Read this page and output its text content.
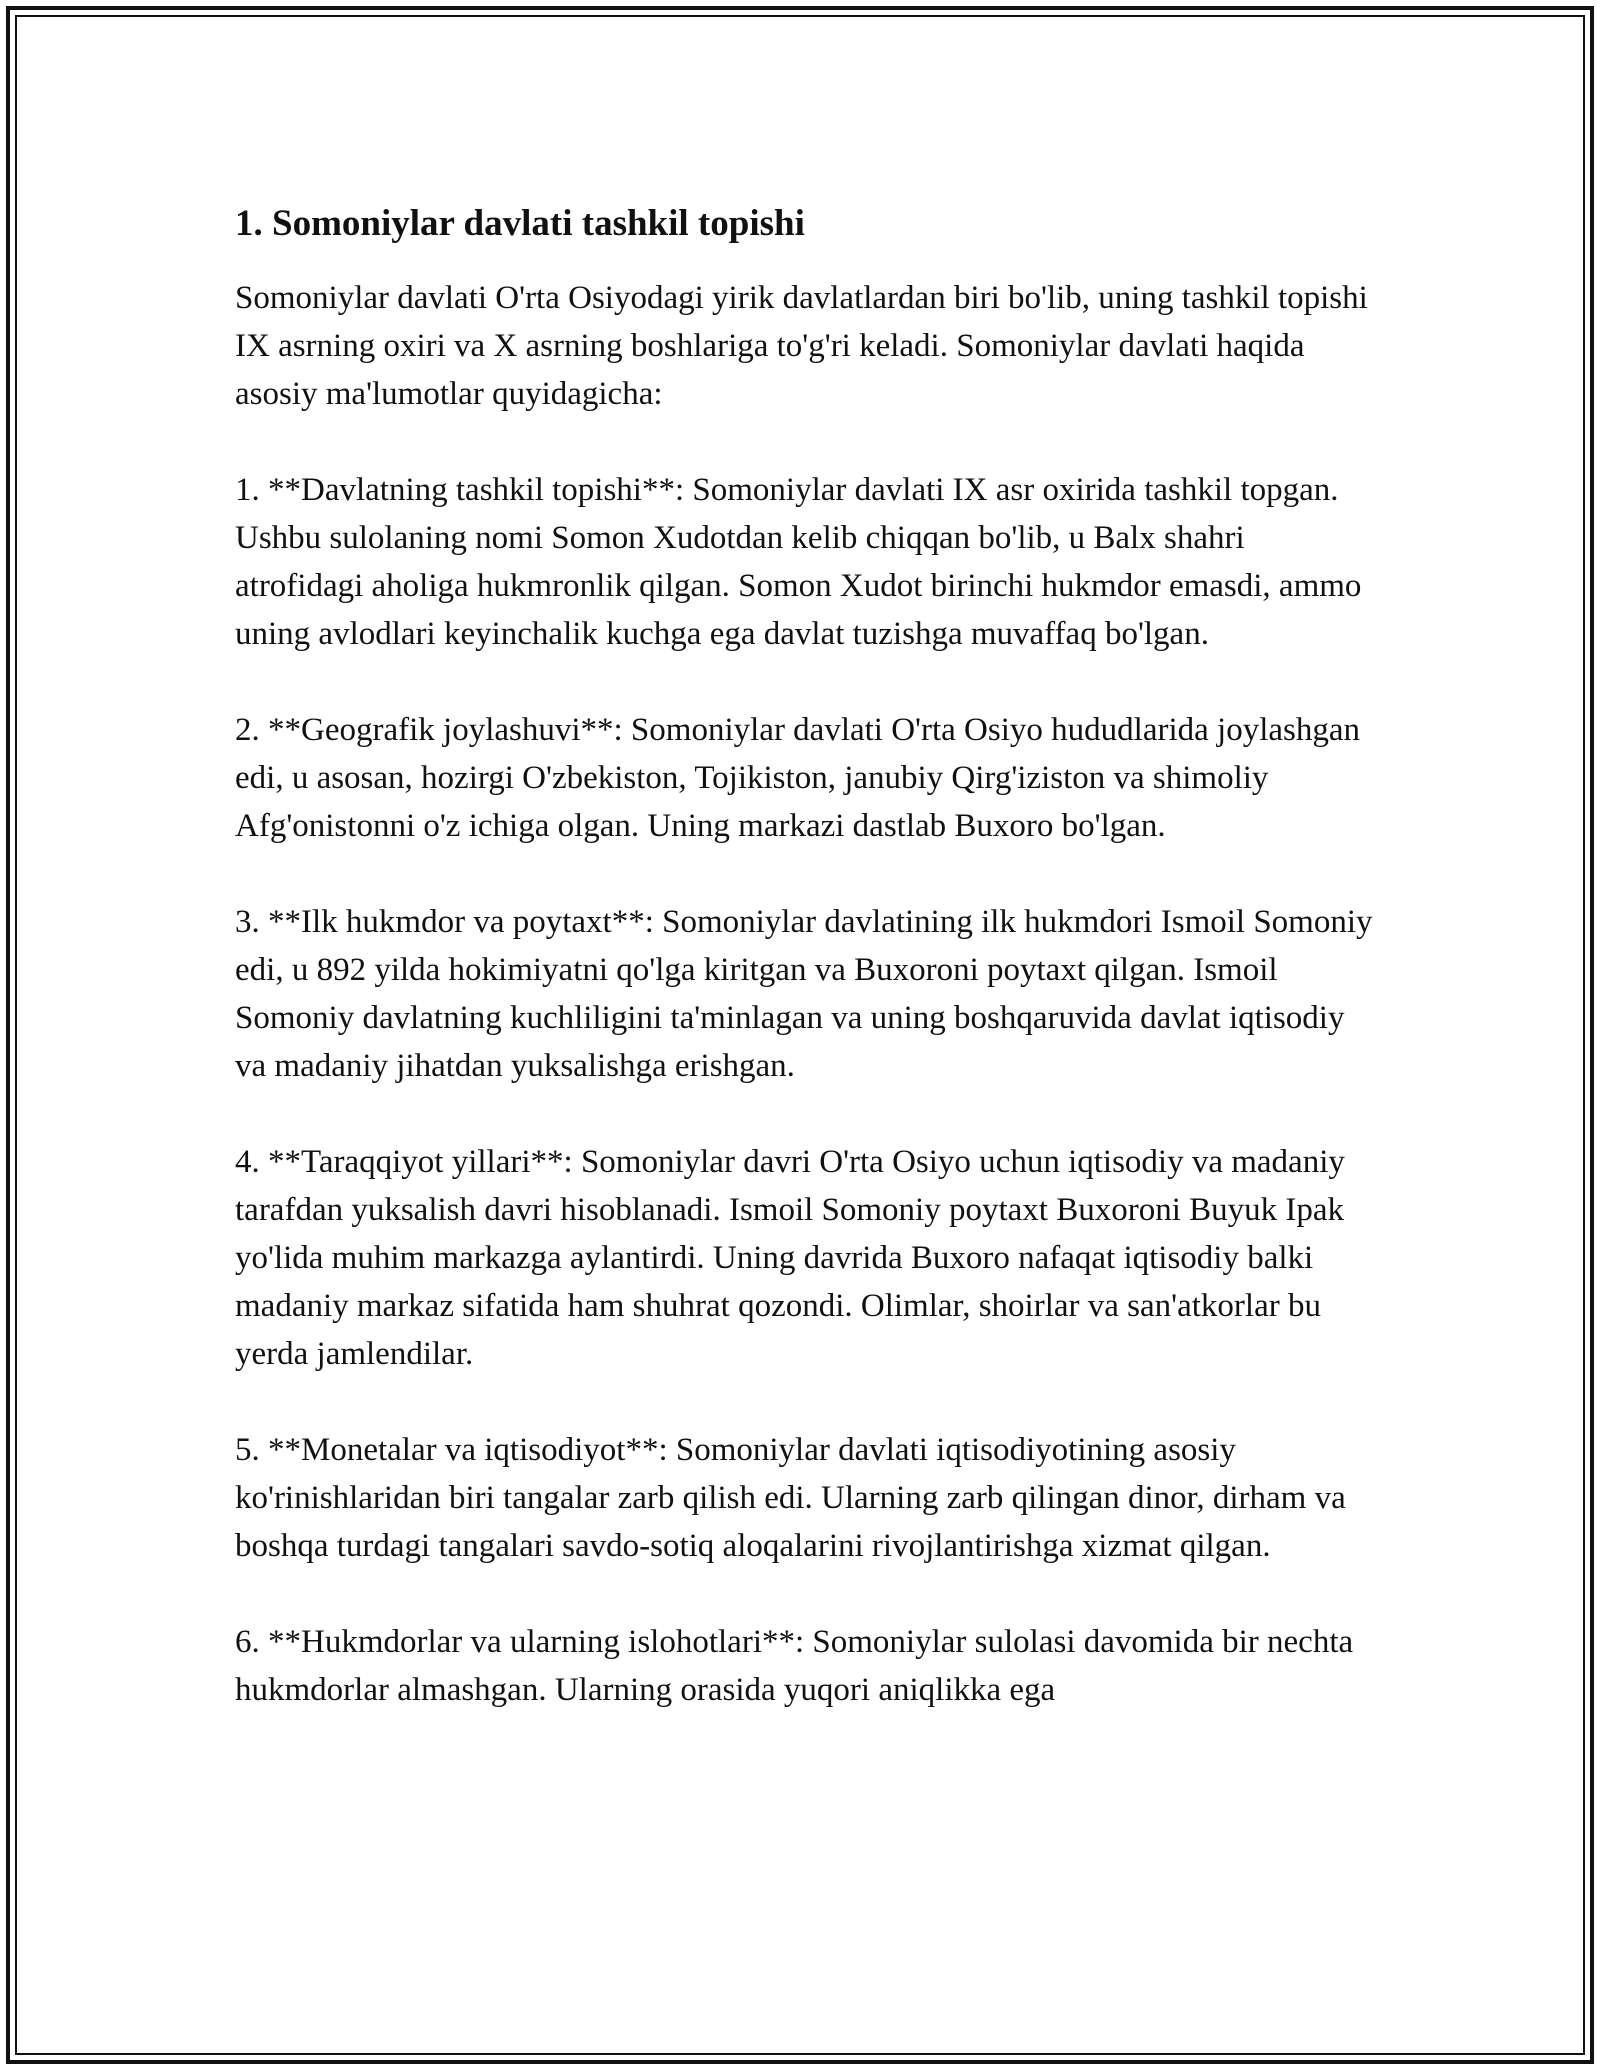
1. Somoniylar davlati tashkil topishi

Somoniylar davlati O'rta Osiyodagi yirik davlatlardan biri bo'lib, uning tashkil topishi IX asrning oxiri va X asrning boshlariga to'g'ri keladi. Somoniylar davlati haqida asosiy ma'lumotlar quyidagicha:

1. **Davlatning tashkil topishi**: Somoniylar davlati IX asr oxirida tashkil topgan. Ushbu sulolaning nomi Somon Xudotdan kelib chiqqan bo'lib, u Balx shahri atrofidagi aholiga hukmronlik qilgan. Somon Xudot birinchi hukmdor emasdi, ammo uning avlodlari keyinchalik kuchga ega davlat tuzishga muvaffaq bo'lgan.

2. **Geografik joylashuvi**: Somoniylar davlati O'rta Osiyo hududlarida joylashgan edi, u asosan, hozirgi O'zbekiston, Tojikiston, janubiy Qirg'iziston va shimoliy Afg'onistonni o'z ichiga olgan. Uning markazi dastlab Buxoro bo'lgan.

3. **Ilk hukmdor va poytaxt**: Somoniylar davlatining ilk hukmdori Ismoil Somoniy edi, u 892 yilda hokimiyatni qo'lga kiritgan va Buxoroni poytaxt qilgan. Ismoil Somoniy davlatning kuchliligini ta'minlagan va uning boshqaruvida davlat iqtisodiy va madaniy jihatdan yuksalishga erishgan.

4. **Taraqqiyot yillari**: Somoniylar davri O'rta Osiyo uchun iqtisodiy va madaniy tarafdan yuksalish davri hisoblanadi. Ismoil Somoniy poytaxt Buxoroni Buyuk Ipak yo'lida muhim markazga aylantirdi. Uning davrida Buxoro nafaqat iqtisodiy balki madaniy markaz sifatida ham shuhrat qozondi. Olimlar, shoirlar va san'atkorlar bu yerda jamlendilar.

5. **Monetalar va iqtisodiyot**: Somoniylar davlati iqtisodiyotining asosiy ko'rinishlaridan biri tangalar zarb qilish edi. Ularning zarb qilingan dinor, dirham va boshqa turdagi tangalari savdo-sotiq aloqalarini rivojlantirishga xizmat qilgan.

6. **Hukmdorlar va ularning islohotlari**: Somoniylar sulolasi davomida bir nechta hukmdorlar almashgan. Ularning orasida yuqori aniqlikka ega
